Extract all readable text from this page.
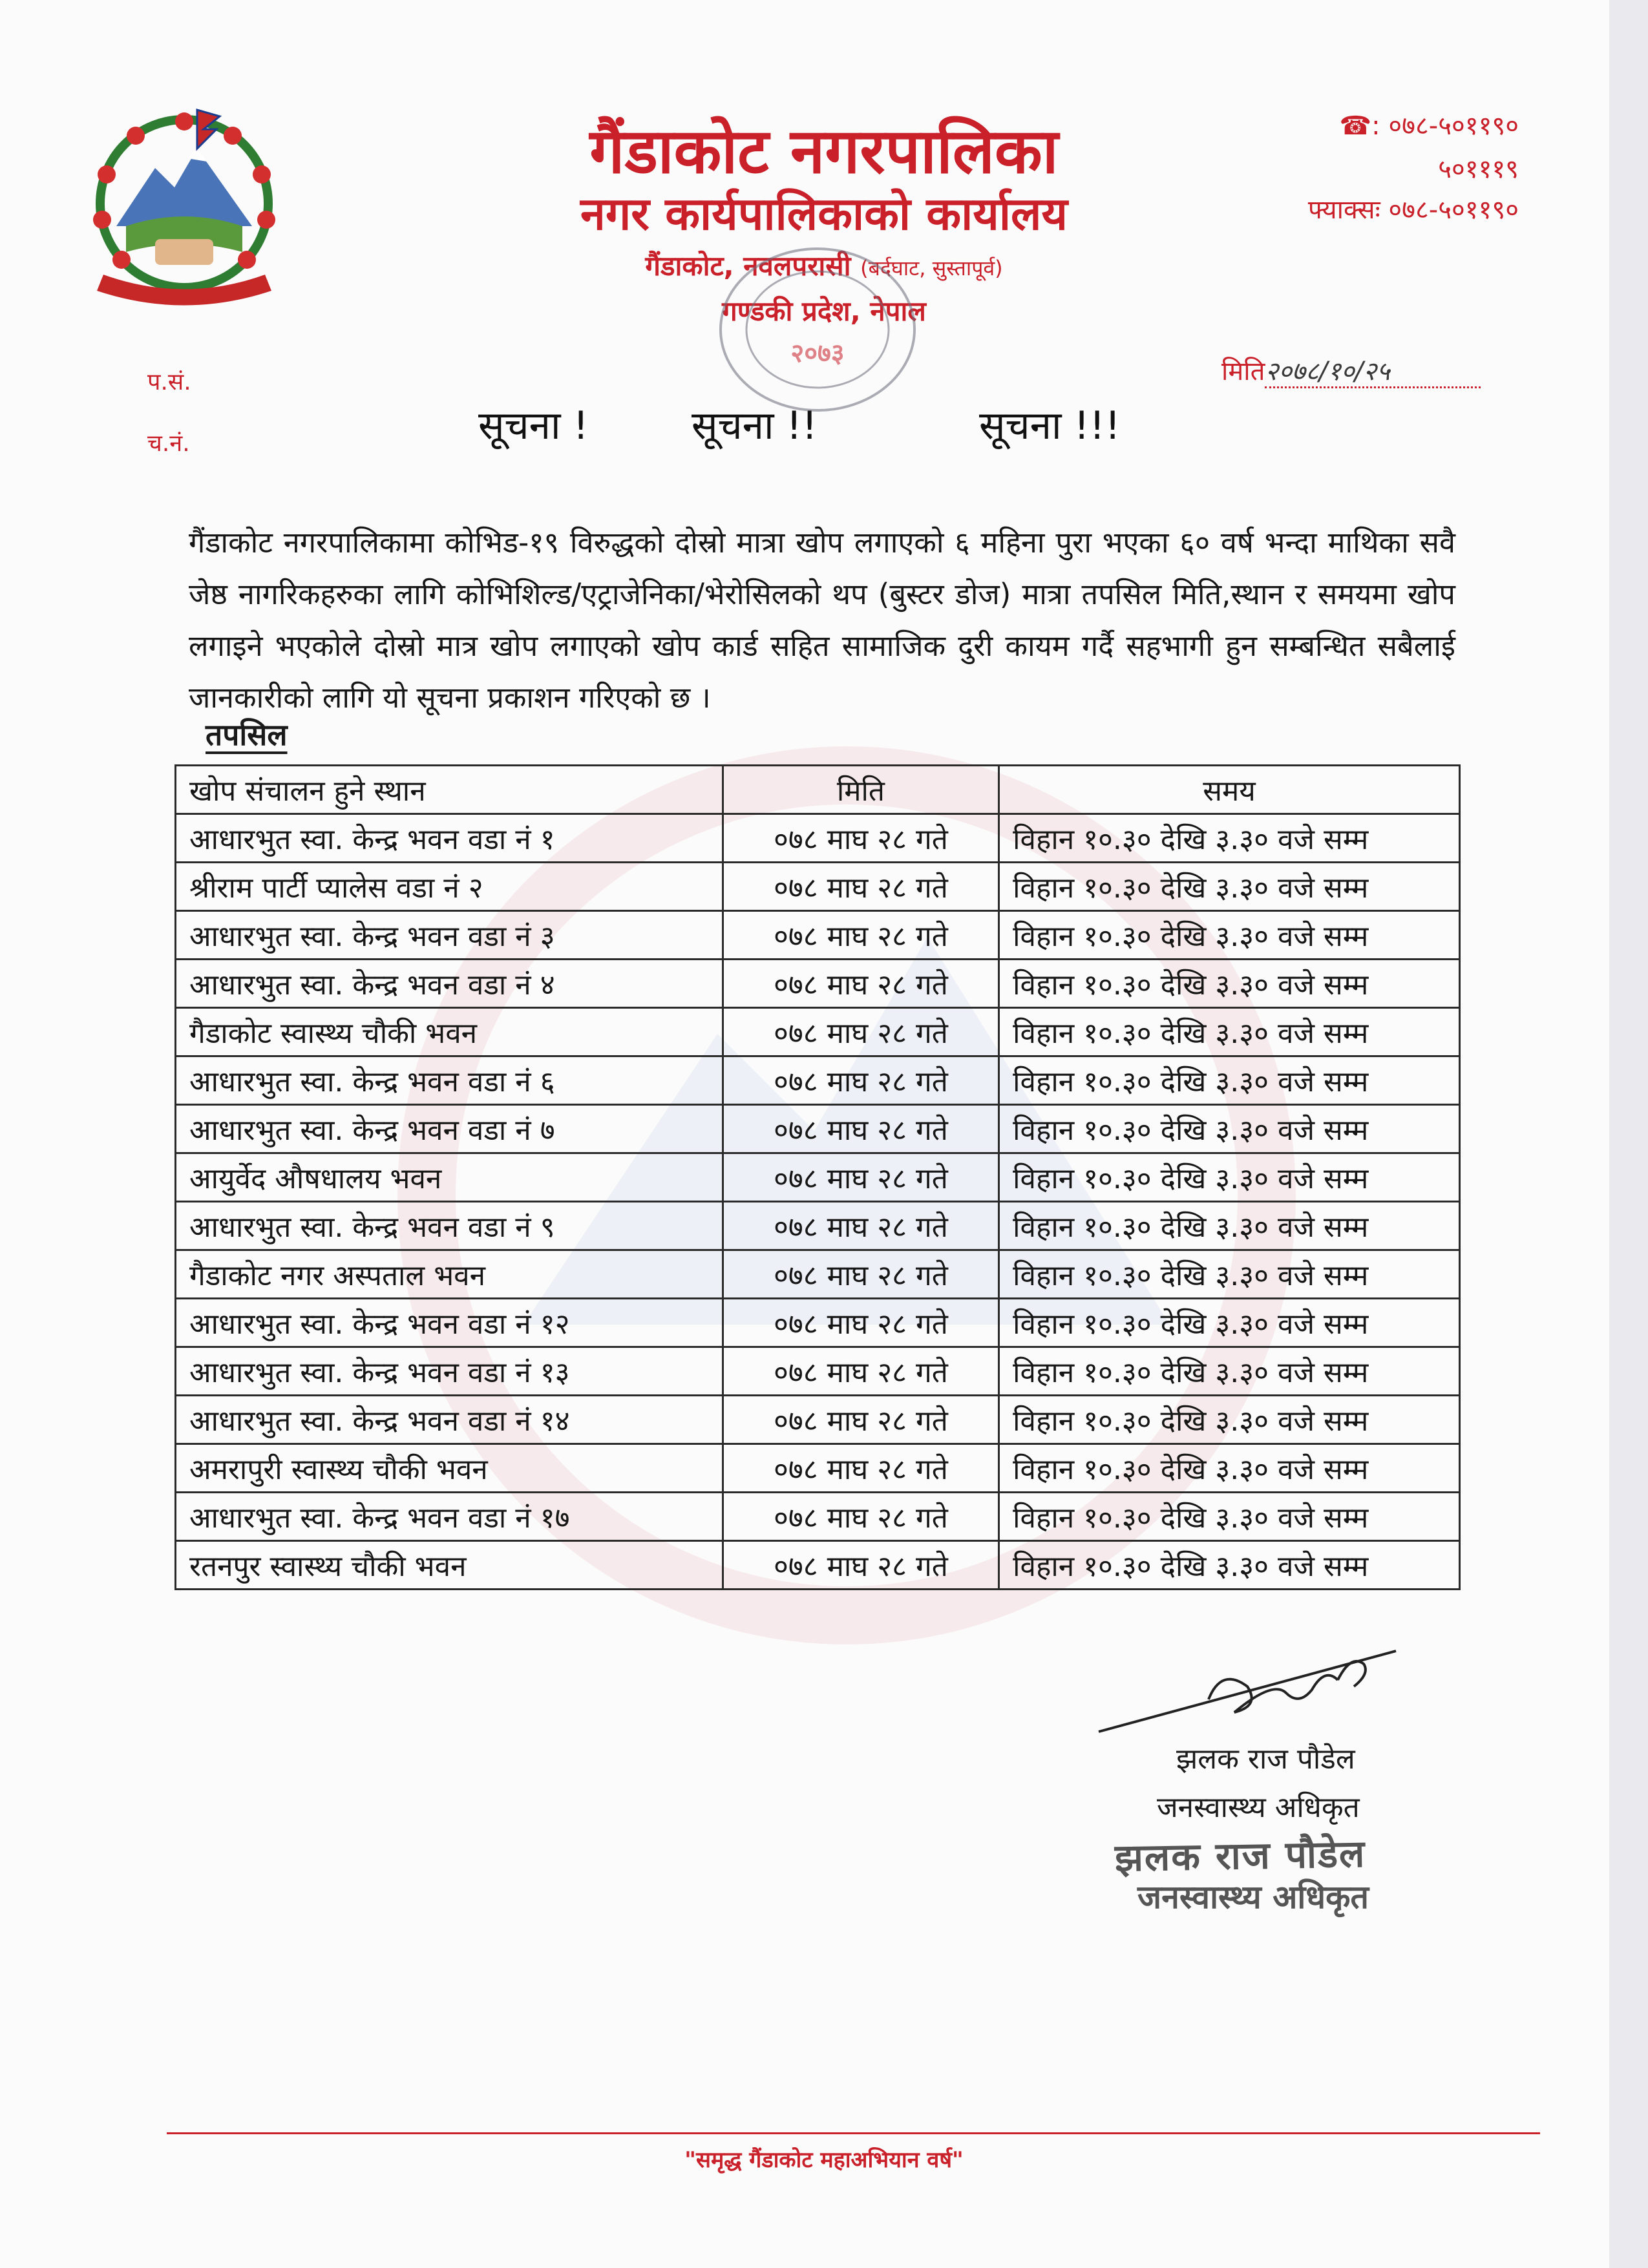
गैंडाकोट नगरपालिका
नगर कार्यपालिकाको कार्यालय
गैंडाकोट, नवलपरासी (बर्दघाट, सुस्तापूर्व)
गण्डकी प्रदेश, नेपाल
२०७३
☎: ०७८-५०११९०
५०१११९
फ्याक्सः ०७८-५०११९०
प.सं.
च.नं.
मिति२०७८/१०/२५
सूचना !	सूचना !!	सूचना !!!
गैंडाकोट नगरपालिकामा कोभिड-१९ विरुद्धको दोस्रो मात्रा खोप लगाएको ६ महिना पुरा भएका ६० वर्ष भन्दा माथिका सवै जेष्ठ नागरिकहरुका लागि कोभिशिल्ड/एट्राजेनिका/भेरोसिलको थप (बुस्टर डोज) मात्रा तपसिल मिति,स्थान र समयमा खोप लगाइने भएकोले दोस्रो मात्र खोप लगाएको खोप कार्ड सहित सामाजिक दुरी कायम गर्दै सहभागी हुन सम्बन्धित सबैलाई जानकारीको लागि यो सूचना प्रकाशन गरिएको छ ।
तपसिल
खोप संचालन हुने स्थान	मिति	समय
आधारभुत स्वा. केन्द्र भवन वडा नं १	०७८ माघ २८ गते	विहान १०.३० देखि ३.३० वजे सम्म
श्रीराम पार्टी प्यालेस वडा नं २	०७८ माघ २८ गते	विहान १०.३० देखि ३.३० वजे सम्म
आधारभुत स्वा. केन्द्र भवन वडा नं ३	०७८ माघ २८ गते	विहान १०.३० देखि ३.३० वजे सम्म
आधारभुत स्वा. केन्द्र भवन वडा नं ४	०७८ माघ २८ गते	विहान १०.३० देखि ३.३० वजे सम्म
गैडाकोट स्वास्थ्य चौकी भवन	०७८ माघ २८ गते	विहान १०.३० देखि ३.३० वजे सम्म
आधारभुत स्वा. केन्द्र भवन वडा नं ६	०७८ माघ २८ गते	विहान १०.३० देखि ३.३० वजे सम्म
आधारभुत स्वा. केन्द्र भवन वडा नं ७	०७८ माघ २८ गते	विहान १०.३० देखि ३.३० वजे सम्म
आयुर्वेद औषधालय भवन	०७८ माघ २८ गते	विहान १०.३० देखि ३.३० वजे सम्म
आधारभुत स्वा. केन्द्र भवन वडा नं ९	०७८ माघ २८ गते	विहान १०.३० देखि ३.३० वजे सम्म
गैडाकोट नगर अस्पताल भवन	०७८ माघ २८ गते	विहान १०.३० देखि ३.३० वजे सम्म
आधारभुत स्वा. केन्द्र भवन वडा नं १२	०७८ माघ २८ गते	विहान १०.३० देखि ३.३० वजे सम्म
आधारभुत स्वा. केन्द्र भवन वडा नं १३	०७८ माघ २८ गते	विहान १०.३० देखि ३.३० वजे सम्म
आधारभुत स्वा. केन्द्र भवन वडा नं १४	०७८ माघ २८ गते	विहान १०.३० देखि ३.३० वजे सम्म
अमरापुरी स्वास्थ्य चौकी भवन	०७८ माघ २८ गते	विहान १०.३० देखि ३.३० वजे सम्म
आधारभुत स्वा. केन्द्र भवन वडा नं १७	०७८ माघ २८ गते	विहान १०.३० देखि ३.३० वजे सम्म
रतनपुर स्वास्थ्य चौकी भवन	०७८ माघ २८ गते	विहान १०.३० देखि ३.३० वजे सम्म
झलक राज पौडेल
जनस्वास्थ्य अधिकृत
झलक राज पौडेल
जनस्वास्थ्य अधिकृत
"समृद्ध गैंडाकोट महाअभियान वर्ष"
